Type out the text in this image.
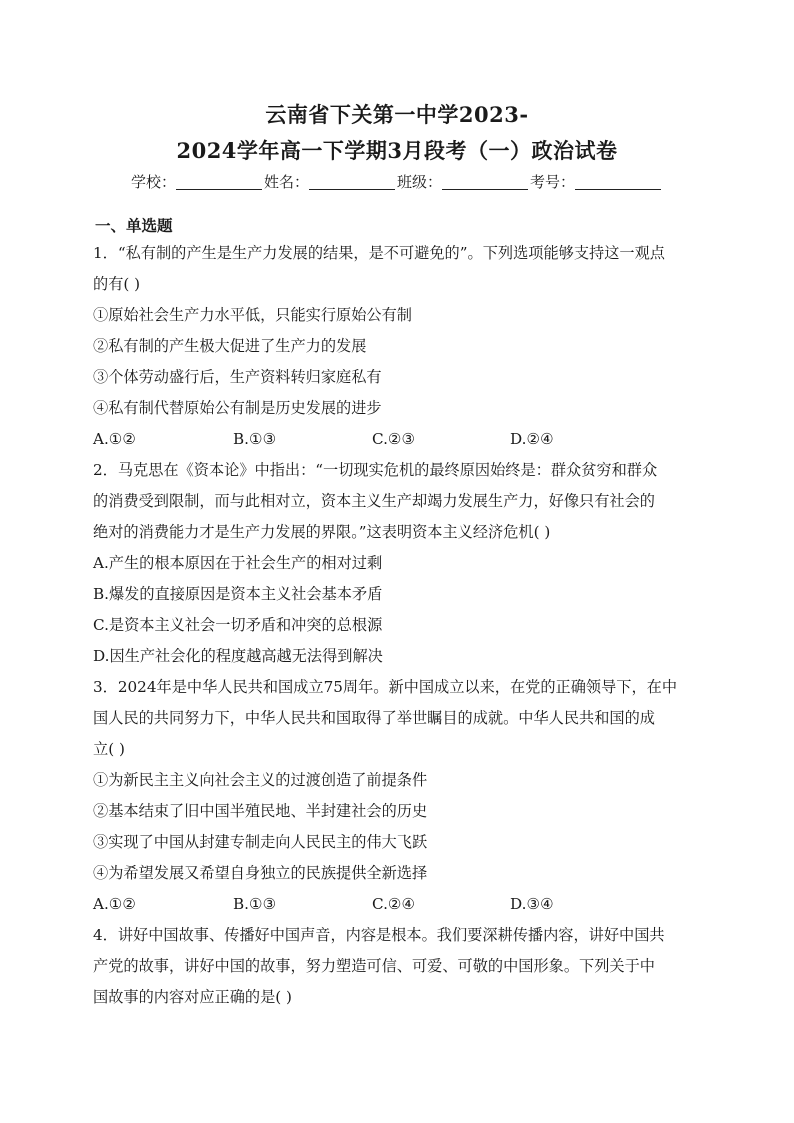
云南省下关第一中学2023-
2024学年高一下学期3月段考（一）政治试卷
学校：	姓名：	班级：	考号：
一、单选题
1．“私有制的产生是生产力发展的结果，是不可避免的”。下列选项能够支持这一观点
的有( )
①原始社会生产力水平低，只能实行原始公有制
②私有制的产生极大促进了生产力的发展
③个体劳动盛行后，生产资料转归家庭私有
④私有制代替原始公有制是历史发展的进步
A.①②	B.①③	C.②③	D.②④
2．马克思在《资本论》中指出：“一切现实危机的最终原因始终是：群众贫穷和群众
的消费受到限制，而与此相对立，资本主义生产却竭力发展生产力，好像只有社会的
绝对的消费能力才是生产力发展的界限。”这表明资本主义经济危机( )
A.产生的根本原因在于社会生产的相对过剩
B.爆发的直接原因是资本主义社会基本矛盾
C.是资本主义社会一切矛盾和冲突的总根源
D.因生产社会化的程度越高越无法得到解决
3．2024年是中华人民共和国成立75周年。新中国成立以来，在党的正确领导下，在中
国人民的共同努力下，中华人民共和国取得了举世瞩目的成就。中华人民共和国的成
立( )
①为新民主主义向社会主义的过渡创造了前提条件
②基本结束了旧中国半殖民地、半封建社会的历史
③实现了中国从封建专制走向人民民主的伟大飞跃
④为希望发展又希望自身独立的民族提供全新选择
A.①②	B.①③	C.②④	D.③④
4．讲好中国故事、传播好中国声音，内容是根本。我们要深耕传播内容，讲好中国共
产党的故事，讲好中国的故事，努力塑造可信、可爱、可敬的中国形象。下列关于中
国故事的内容对应正确的是( )
